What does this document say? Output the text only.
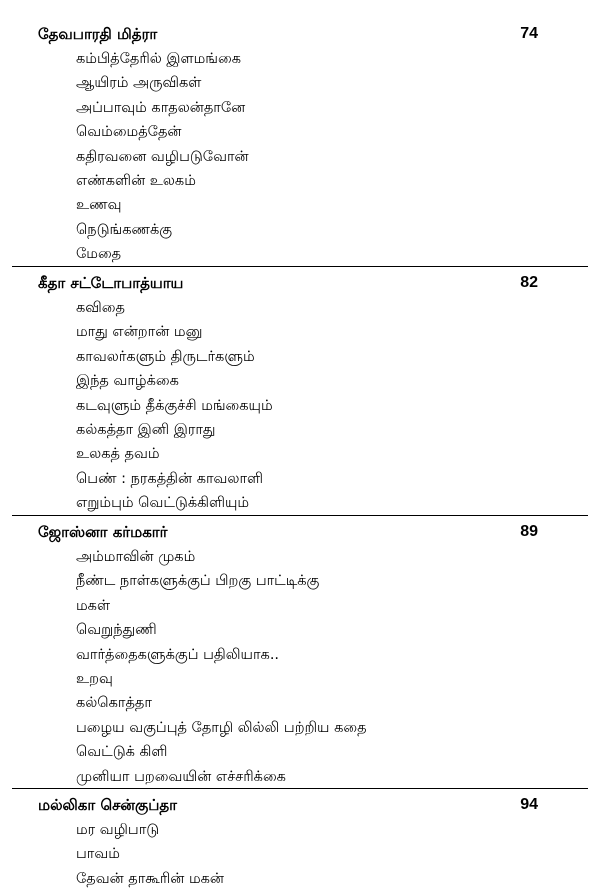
தேவபாரதி மித்ரா	74
கம்பித்தேரில் இளமங்கை
ஆயிரம் அருவிகள்
அப்பாவும் காதலன்தானே
வெம்மைத்தேன்
கதிரவனை வழிபடுவோன்
எண்களின் உலகம்
உணவு
நெடுங்கணக்கு
மேதை
கீதா சட்டோபாத்யாய	82
கவிதை
மாது என்றான் மனு
காவலர்களும் திருடர்களும்
இந்த வாழ்க்கை
கடவுளும் தீக்குச்சி மங்கையும்
கல்கத்தா இனி இராது
உலகத் தவம்
பெண் : நரகத்தின் காவலாளி
எறும்பும் வெட்டுக்கிளியும்
ஜோஸ்னா கர்மகார்	89
அம்மாவின் முகம்
நீண்ட நாள்களுக்குப் பிறகு பாட்டிக்கு
மகள்
வெறுந்துணி
வார்த்தைகளுக்குப் பதிலியாக..
உறவு
கல்கொத்தா
பழைய வகுப்புத் தோழி லில்லி பற்றிய கதை
வெட்டுக் கிளி
முனியா பறவையின் எச்சரிக்கை
மல்லிகா சென்குப்தா	94
மர வழிபாடு
பாவம்
தேவன் தாகூரின் மகன்
